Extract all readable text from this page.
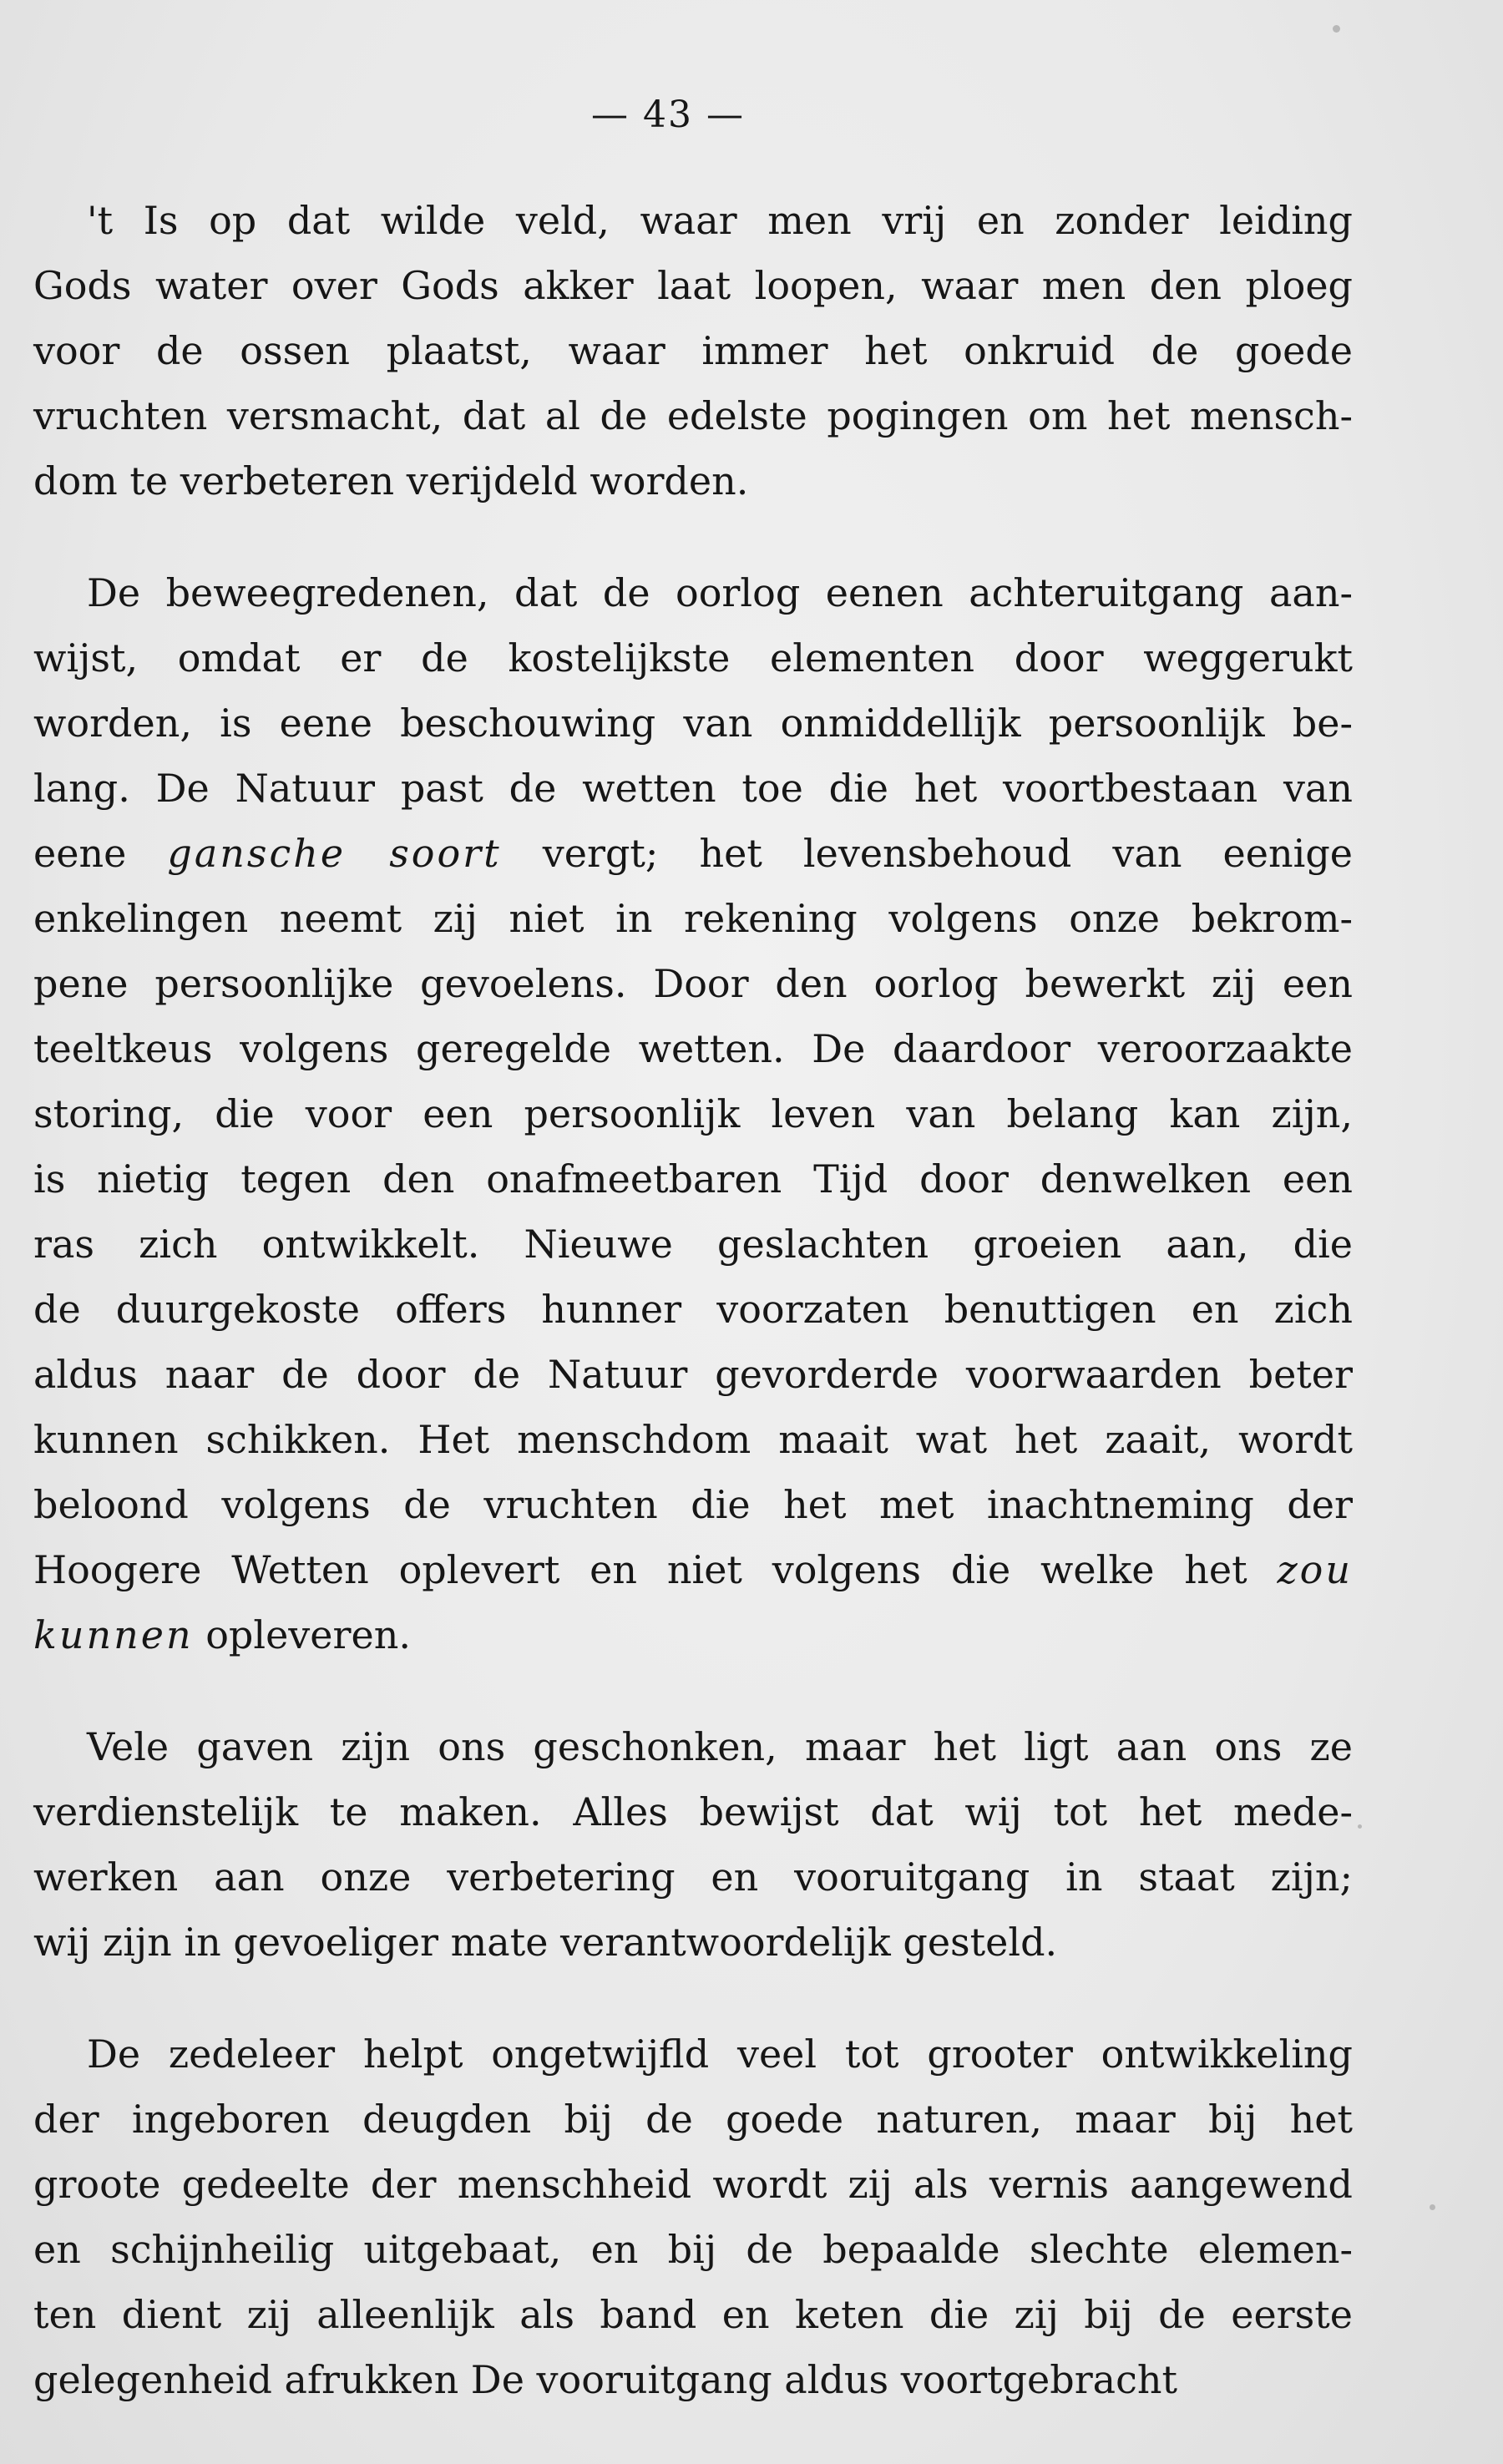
— 43 —
't Is op dat wilde veld, waar men vrij en zonder leiding
Gods water over Gods akker laat loopen, waar men den ploeg
voor de ossen plaatst, waar immer het onkruid de goede
vruchten versmacht, dat al de edelste pogingen om het mensch-
dom te verbeteren verijdeld worden.
De beweegredenen, dat de oorlog eenen achteruitgang aan-
wijst, omdat er de kostelijkste elementen door weggerukt
worden, is eene beschouwing van onmiddellijk persoonlijk be-
lang. De Natuur past de wetten toe die het voortbestaan van
eene gansche soort vergt; het levensbehoud van eenige
enkelingen neemt zij niet in rekening volgens onze bekrom-
pene persoonlijke gevoelens. Door den oorlog bewerkt zij een
teeltkeus volgens geregelde wetten. De daardoor veroorzaakte
storing, die voor een persoonlijk leven van belang kan zijn,
is nietig tegen den onafmeetbaren Tijd door denwelken een
ras zich ontwikkelt. Nieuwe geslachten groeien aan, die
de duurgekoste offers hunner voorzaten benuttigen en zich
aldus naar de door de Natuur gevorderde voorwaarden beter
kunnen schikken. Het menschdom maait wat het zaait, wordt
beloond volgens de vruchten die het met inachtneming der
Hoogere Wetten oplevert en niet volgens die welke het zou
kunnen opleveren.
Vele gaven zijn ons geschonken, maar het ligt aan ons ze
verdienstelijk te maken. Alles bewijst dat wij tot het mede-
werken aan onze verbetering en vooruitgang in staat zijn;
wij zijn in gevoeliger mate verantwoordelijk gesteld.
De zedeleer helpt ongetwijfld veel tot grooter ontwikkeling
der ingeboren deugden bij de goede naturen, maar bij het
groote gedeelte der menschheid wordt zij als vernis aangewend
en schijnheilig uitgebaat, en bij de bepaalde slechte elemen-
ten dient zij alleenlijk als band en keten die zij bij de eerste
gelegenheid afrukken De vooruitgang aldus voortgebracht
